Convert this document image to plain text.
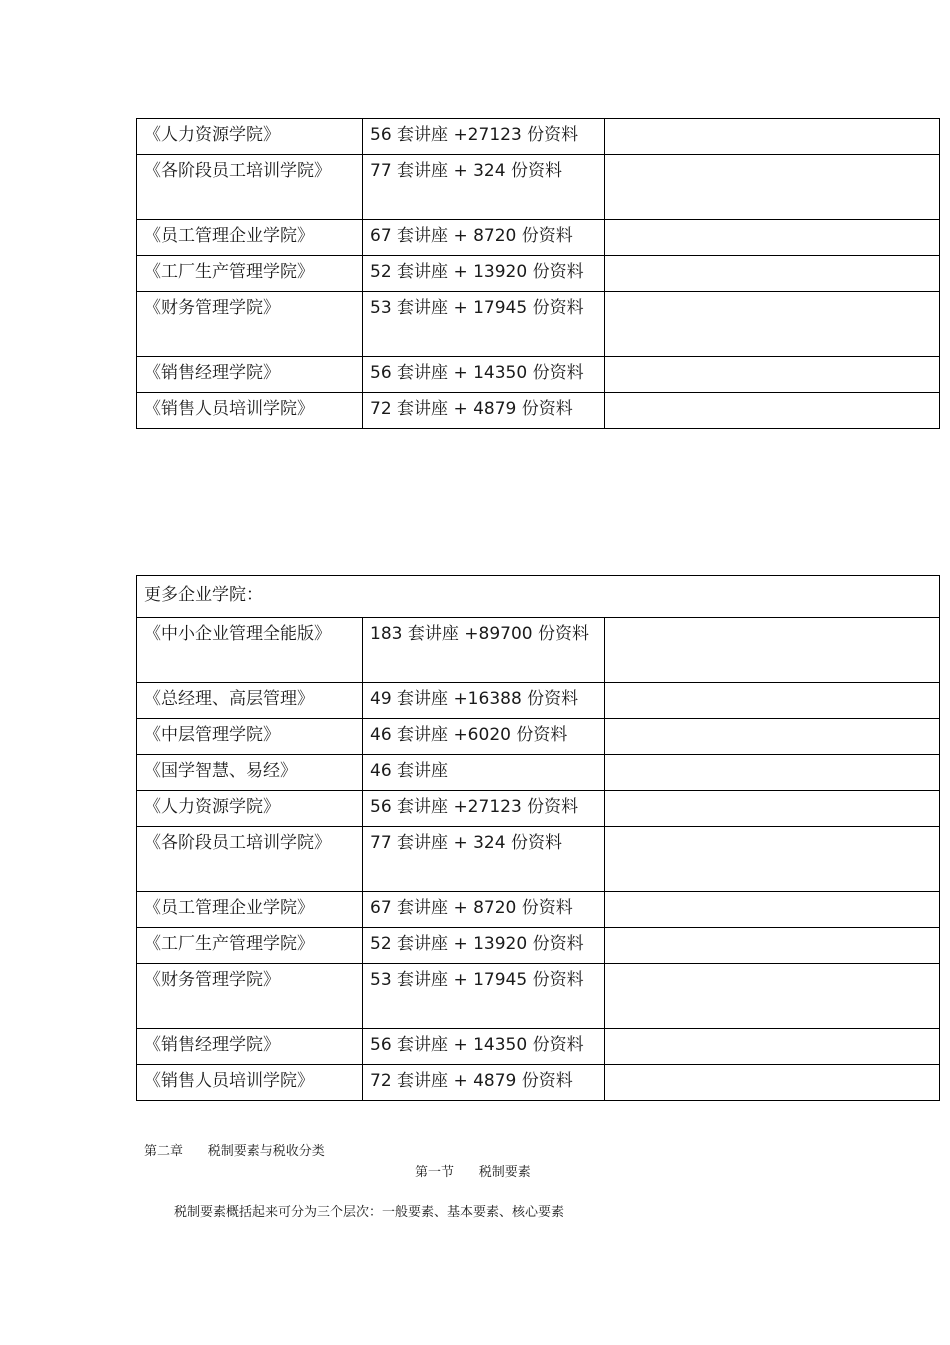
《人力资源学院》	56 套讲座 +27123 份资料	
《各阶段员工培训学院》	77 套讲座 + 324 份资料	
《员工管理企业学院》	67 套讲座 + 8720 份资料	
《工厂生产管理学院》	52 套讲座 + 13920 份资料	
《财务管理学院》	53 套讲座 + 17945 份资料	
《销售经理学院》	56 套讲座 + 14350 份资料	
《销售人员培训学院》	72 套讲座 + 4879 份资料	
更多企业学院：		
《中小企业管理全能版》	183 套讲座 +89700 份资料	
《总经理、高层管理》	49 套讲座 +16388 份资料	
《中层管理学院》	46 套讲座 +6020 份资料	
《国学智慧、易经》	46 套讲座	
《人力资源学院》	56 套讲座 +27123 份资料	
《各阶段员工培训学院》	77 套讲座 + 324 份资料	
《员工管理企业学院》	67 套讲座 + 8720 份资料	
《工厂生产管理学院》	52 套讲座 + 13920 份资料	
《财务管理学院》	53 套讲座 + 17945 份资料	
《销售经理学院》	56 套讲座 + 14350 份资料	
《销售人员培训学院》	72 套讲座 + 4879 份资料	
第二章      税制要素与税收分类
第一节      税制要素
税制要素概括起来可分为三个层次：一般要素、基本要素、核心要素
